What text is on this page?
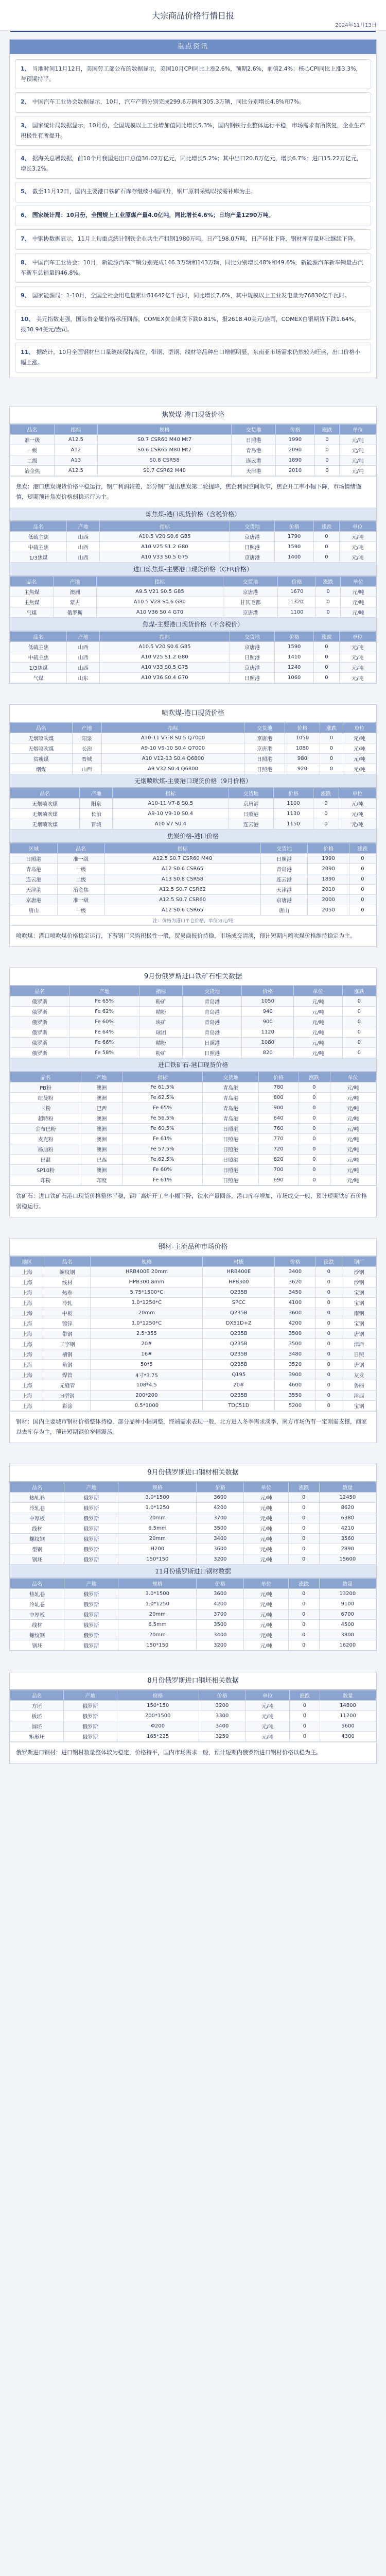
大宗商品价格行情日报
2024年11月13日
重点资讯
1、 当地时间11月12日，美国劳工部公布的数据显示，美国10月CPI同比上涨2.6%，预期2.6%，前值2.4%；核心CPI同比上涨3.3%，与预期持平。
2、 中国汽车工业协会数据显示，10月，汽车产销分别完成299.6万辆和305.3万辆，同比分别增长4.8%和7%。
3、 国家统计局数据显示，10月份，全国规模以上工业增加值同比增长5.3%，国内钢铁行业整体运行平稳，市场需求有所恢复，企业生产积极性有所提升。
4、 据海关总署数据，前10个月我国进出口总值36.02万亿元，同比增长5.2%；其中出口20.8万亿元，增长6.7%；进口15.22万亿元，增长3.2%。
5、 截至11月12日，国内主要港口铁矿石库存继续小幅回升，钢厂原料采购以按需补库为主。
6、 国家统计局：10月份，全国规上工业原煤产量4.0亿吨，同比增长4.6%；日均产量1290万吨。
7、 中钢协数据显示，11月上旬重点统计钢铁企业共生产粗钢1980万吨，日产198.0万吨，日产环比下降，钢材库存量环比继续下降。
8、 中国汽车工业协会：10月，新能源汽车产销分别完成146.3万辆和143万辆，同比分别增长48%和49.6%，新能源汽车新车销量占汽车新车总销量的46.8%。
9、 国家能源局：1-10月，全国全社会用电量累计81642亿千瓦时，同比增长7.6%，其中规模以上工业发电量为76830亿千瓦时。
10、 美元指数走强，国际贵金属价格承压回落，COMEX黄金期货下跌0.81%，报2618.40美元/盎司，COMEX白银期货下跌1.64%，报30.94美元/盎司。
11、 据统计，10月全国钢材出口量继续保持高位，带钢、型钢、线材等品种出口增幅明显，东南亚市场需求仍然较为旺盛，出口价格小幅上涨。
焦炭煤-港口现货价格
品名	指标	规格	交货地	价格	涨跌	单位
准一级	A12.5	S0.7 CSR60 M40 Mt7	日照港	1990	0	元/吨
一级	A12	S0.6 CSR65 M80 Mt7	青岛港	2090	0	元/吨
二级	A13	S0.8 CSR58	连云港	1890	0	元/吨
冶金焦	A12.5	S0.7 CSR62 M40	天津港	2010	0	元/吨
焦炭：港口焦炭现货价格平稳运行，钢厂利润较差，部分钢厂提出焦炭第二轮提降，焦企利润空间收窄，焦企开工率小幅下降，市场情绪谨慎，短期预计焦炭价格弱稳运行为主。
炼焦煤-港口现货价格（含税价格）
品名	产地	指标	交货地	价格	涨跌	单位
低硫主焦	山西	A10.5 V20 S0.6 G85	京唐港	1790	0	元/吨
中硫主焦	山西	A10 V25 S1.2 G80	日照港	1590	0	元/吨
1/3焦煤	山西	A10 V33 S0.5 G75	京唐港	1400	0	元/吨
进口炼焦煤-主要港口现货价格（CFR价格）
品名	产地	指标	交货地	价格	涨跌	单位
主焦煤	澳洲	A9.5 V21 S0.5 G85	京唐港	1670	0	元/吨
主焦煤	蒙古	A10.5 V28 S0.6 G80	甘其毛都	1320	0	元/吨
气煤	俄罗斯	A10 V36 S0.4 G70	京唐港	1100	0	元/吨
焦煤-主要港口现货价格（不含税价）
品名	产地	指标	交货地	价格	涨跌	单位
低硫主焦	山西	A10.5 V20 S0.6 G85	京唐港	1590	0	元/吨
中硫主焦	山西	A10 V25 S1.2 G80	日照港	1410	0	元/吨
1/3焦煤	山西	A10 V33 S0.5 G75	京唐港	1240	0	元/吨
气煤	山东	A10 V36 S0.4 G70	日照港	1060	0	元/吨
喷吹煤-港口现货价格
品名	产地	指标	交货地	价格	涨跌	单位
无烟喷吹煤	阳泉	A10-11 V7-8 S0.5 Q7000	京唐港	1050	0	元/吨
无烟喷吹煤	长治	A9-10 V9-10 S0.4 Q7000	京唐港	1080	0	元/吨
贫瘦煤	晋城	A10 V12-13 S0.4 Q6800	日照港	980	0	元/吨
烟煤	山西	A9 V32 S0.4 Q6800	日照港	920	0	元/吨
无烟喷吹煤-主要港口现货价格（9月价格）
品名	产地	指标	交货地	价格	涨跌	单位
无烟喷吹煤	阳泉	A10-11 V7-8 S0.5	京唐港	1100	0	元/吨
无烟喷吹煤	长治	A9-10 V9-10 S0.4	日照港	1130	0	元/吨
无烟喷吹煤	晋城	A10 V7 S0.4	连云港	1150	0	元/吨
焦炭价格-港口价格
区域	品名	指标	交货地	价格	涨跌
日照港	准一级	A12.5 S0.7 CSR60 M40	日照港	1990	0
青岛港	一级	A12 S0.6 CSR65	青岛港	2090	0
连云港	二级	A13 S0.8 CSR58	连云港	1890	0
天津港	冶金焦	A12.5 S0.7 CSR62	天津港	2010	0
京唐港	准一级	A12.5 S0.7 CSR60	京唐港	2000	0
唐山	一级	A12 S0.6 CSR65	唐山	2050	0
注：价格为港口平仓价格，单位为元/吨
喷吹煤：港口喷吹煤价格稳定运行，下游钢厂采购积极性一般，贸易商报价持稳，市场成交清淡，预计短期内喷吹煤价格维持稳定为主。
9月份俄罗斯进口铁矿石相关数据
品名	产地	指标	交货地	价格	单位	涨跌
俄罗斯	Fe 65%	粉矿	青岛港	1050	元/吨	0
俄罗斯	Fe 62%	精粉	青岛港	940	元/吨	0
俄罗斯	Fe 60%	块矿	青岛港	900	元/吨	0
俄罗斯	Fe 64%	球团	青岛港	1120	元/吨	0
俄罗斯	Fe 66%	精粉	日照港	1080	元/吨	0
俄罗斯	Fe 58%	粉矿	日照港	820	元/吨	0
进口铁矿石-港口现货价格
品名	产地	指标	交货地	价格	涨跌	单位
PB粉	澳洲	Fe 61.5%	青岛港	780	0	元/吨
纽曼粉	澳洲	Fe 62.5%	青岛港	800	0	元/吨
卡粉	巴西	Fe 65%	青岛港	900	0	元/吨
超特粉	澳洲	Fe 56.5%	青岛港	640	0	元/吨
金布巴粉	澳洲	Fe 60.5%	日照港	760	0	元/吨
麦克粉	澳洲	Fe 61%	日照港	770	0	元/吨
杨迪粉	澳洲	Fe 57.5%	日照港	720	0	元/吨
巴混	巴西	Fe 62.5%	日照港	820	0	元/吨
SP10粉	澳洲	Fe 60%	日照港	700	0	元/吨
印粉	印度	Fe 61%	日照港	690	0	元/吨
铁矿石：进口铁矿石港口现货价格整体平稳，钢厂高炉开工率小幅下降，铁水产量回落，港口库存增加，市场成交一般，预计短期铁矿石价格弱稳运行。
钢材-主流品种市场价格
地区	品名	规格	材质	价格	涨跌	钢厂
上海	螺纹钢	HRB400E 20mm	HRB400E	3400	0	沙钢
上海	线材	HPB300 8mm	HPB300	3620	0	沙钢
上海	热卷	5.75*1500*C	Q235B	3450	0	宝钢
上海	冷轧	1.0*1250*C	SPCC	4100	0	宝钢
上海	中板	20mm	Q235B	3600	0	南钢
上海	镀锌	1.0*1250*C	DX51D+Z	4200	0	宝钢
上海	带钢	2.5*355	Q235B	3500	0	唐钢
上海	工字钢	20#	Q235B	3500	0	津西
上海	槽钢	16#	Q235B	3480	0	日照
上海	角钢	50*5	Q235B	3520	0	唐钢
上海	焊管	4寸*3.75	Q195	3900	0	友发
上海	无缝管	108*4.5	20#	4600	0	鲁丽
上海	H型钢	200*200	Q235B	3550	0	津西
上海	彩涂	0.5*1000	TDC51D	5200	0	宝钢
钢材：国内主要城市钢材价格整体持稳，部分品种小幅调整，终端需求表现一般，北方进入冬季需求淡季，南方市场仍有一定刚需支撑，商家以去库存为主，预计短期钢价窄幅震荡。
9月份俄罗斯进口钢材相关数据
品名	产地	规格	价格	单位	涨跌	数量
热轧卷	俄罗斯	3.0*1500	3600	元/吨	0	12450
冷轧卷	俄罗斯	1.0*1250	4200	元/吨	0	8620
中厚板	俄罗斯	20mm	3700	元/吨	0	6380
线材	俄罗斯	6.5mm	3500	元/吨	0	4210
螺纹钢	俄罗斯	20mm	3400	元/吨	0	3560
型钢	俄罗斯	H200	3600	元/吨	0	2890
钢坯	俄罗斯	150*150	3200	元/吨	0	15600
11月份俄罗斯进口钢材数据
品名	产地	规格	价格	单位	涨跌	数量
热轧卷	俄罗斯	3.0*1500	3600	元/吨	0	13200
冷轧卷	俄罗斯	1.0*1250	4200	元/吨	0	9100
中厚板	俄罗斯	20mm	3700	元/吨	0	6700
线材	俄罗斯	6.5mm	3500	元/吨	0	4500
螺纹钢	俄罗斯	20mm	3400	元/吨	0	3800
钢坯	俄罗斯	150*150	3200	元/吨	0	16200
8月份俄罗斯进口钢坯相关数据
品名	产地	规格	价格	单位	涨跌	数量
方坯	俄罗斯	150*150	3200	元/吨	0	14800
板坯	俄罗斯	200*1500	3300	元/吨	0	11200
圆坯	俄罗斯	Φ200	3400	元/吨	0	5600
矩形坯	俄罗斯	165*225	3250	元/吨	0	4300
俄罗斯进口钢材：进口钢材数量整体较为稳定，价格持平，国内市场需求一般，预计短期内俄罗斯进口钢材价格以稳为主。
